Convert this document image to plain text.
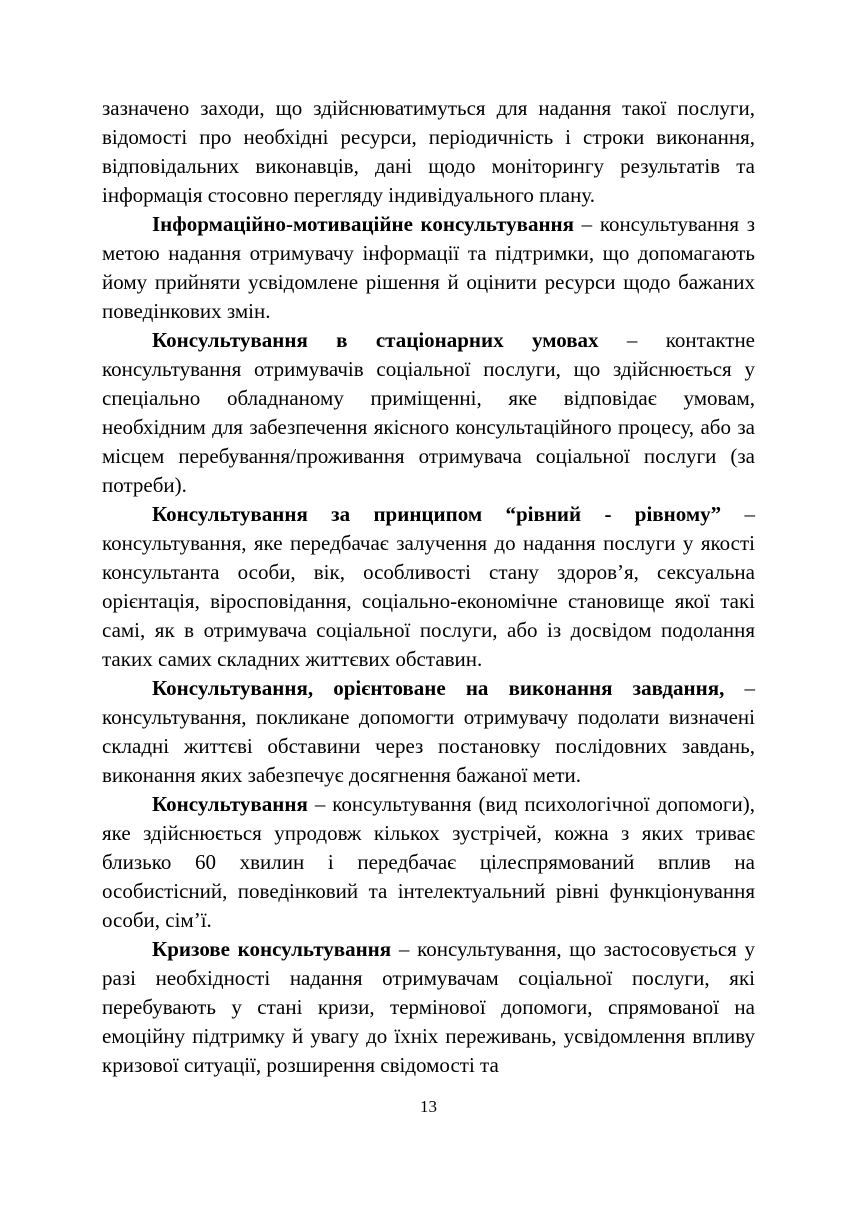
зазначено заходи, що здійснюватимуться для надання такої послуги, відомості про необхідні ресурси, періодичність і строки виконання, відповідальних виконавців, дані щодо моніторингу результатів та інформація стосовно перегляду індивідуального плану.

Інформаційно-мотиваційне консультування – консультування з метою надання отримувачу інформації та підтримки, що допомагають йому прийняти усвідомлене рішення й оцінити ресурси щодо бажаних поведінкових змін.

Консультування в стаціонарних умовах – контактне консультування отримувачів соціальної послуги, що здійснюється у спеціально обладнаному приміщенні, яке відповідає умовам, необхідним для забезпечення якісного консультаційного процесу, або за місцем перебування/проживання отримувача соціальної послуги (за потреби).

Консультування за принципом “рівний - рівному” – консультування, яке передбачає залучення до надання послуги у якості консультанта особи, вік, особливості стану здоров’я, сексуальна орієнтація, віросповідання, соціально-економічне становище якої такі самі, як в отримувача соціальної послуги, або із досвідом подолання таких самих складних життєвих обставин.

Консультування, орієнтоване на виконання завдання, – консультування, покликане допомогти отримувачу подолати визначені складні життєві обставини через постановку послідовних завдань, виконання яких забезпечує досягнення бажаної мети.

Консультування – консультування (вид психологічної допомоги), яке здійснюється упродовж кількох зустрічей, кожна з яких триває близько 60 хвилин і передбачає цілеспрямований вплив на особистісний, поведінковий та інтелектуальний рівні функціонування особи, сім’ї.

Кризове консультування – консультування, що застосовується у разі необхідності надання отримувачам соціальної послуги, які перебувають у стані кризи, термінової допомоги, спрямованої на емоційну підтримку й увагу до їхніх переживань, усвідомлення впливу кризової ситуації, розширення свідомості та

13
